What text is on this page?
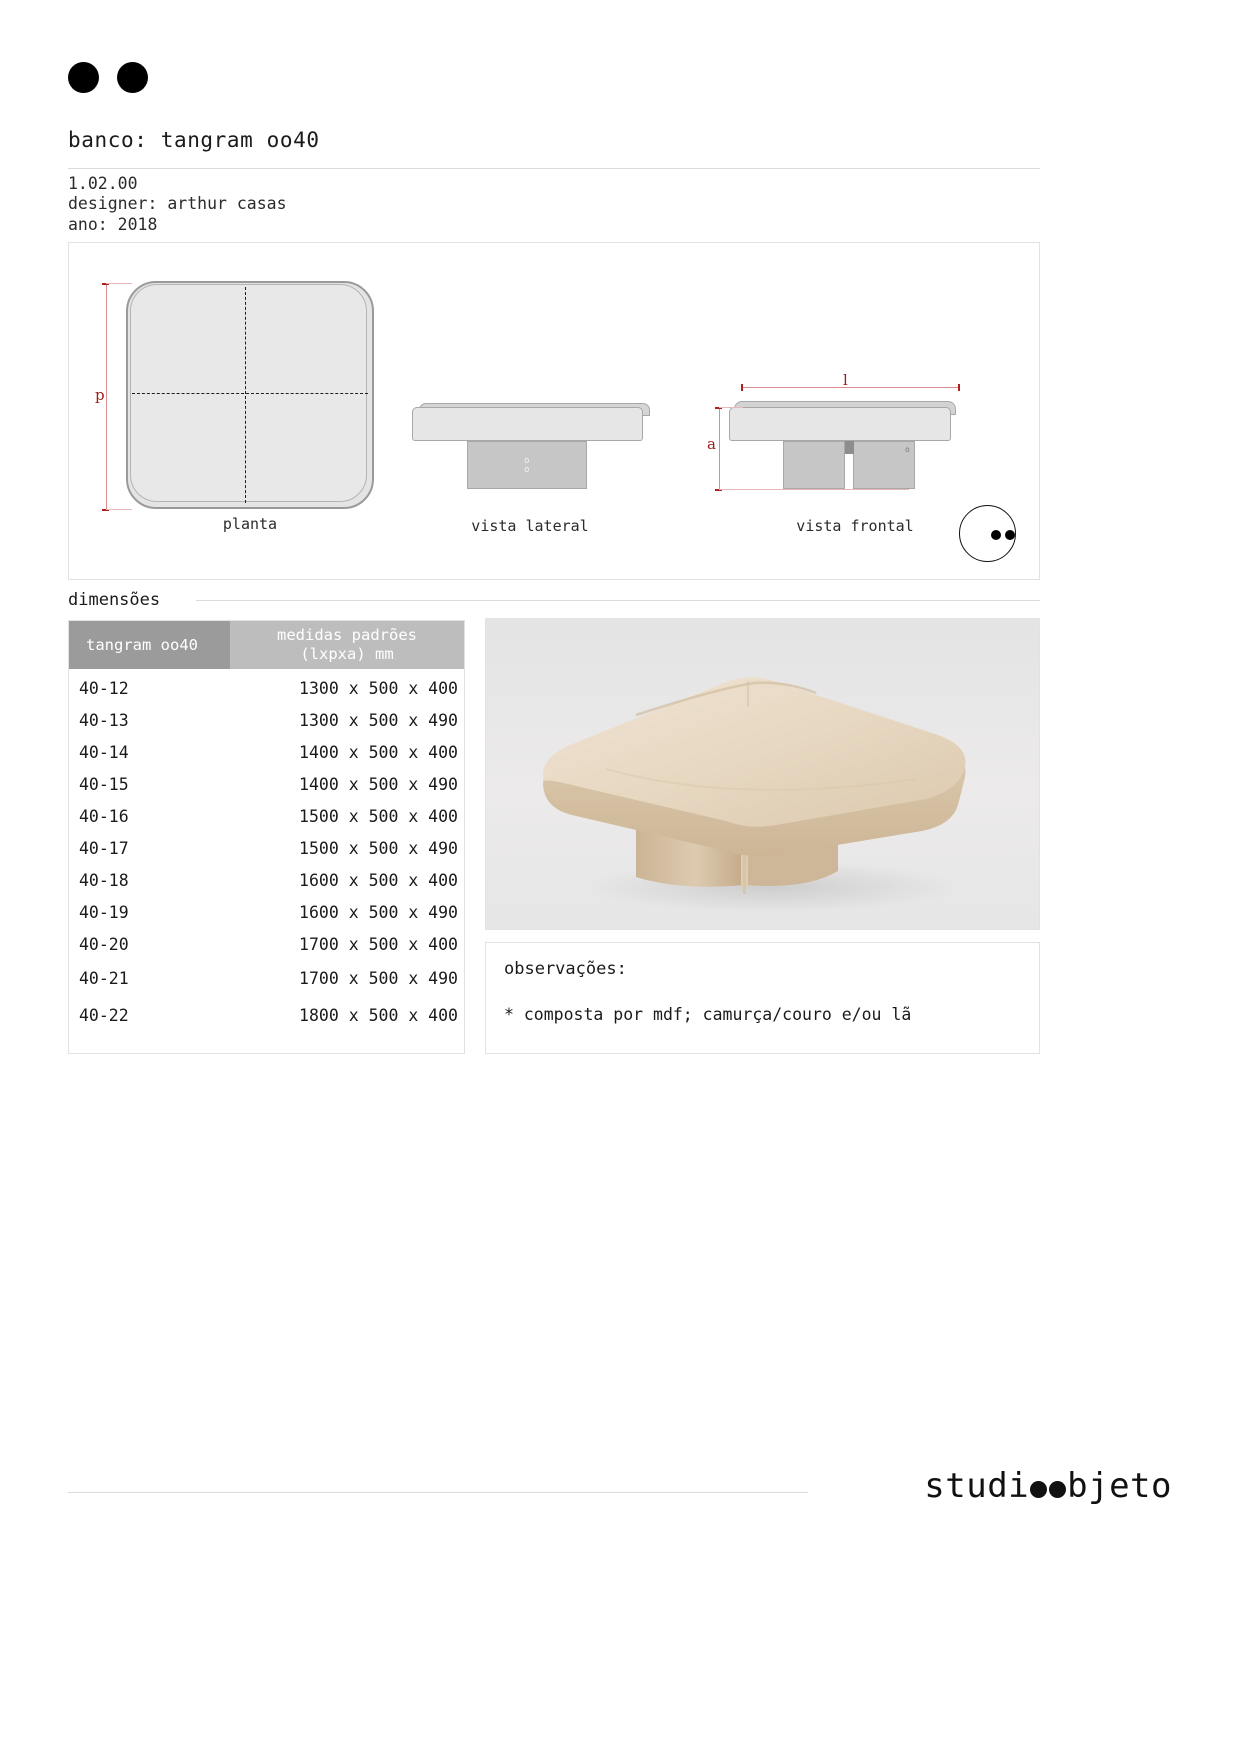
banco: tangram oo40
1.02.00
designer: arthur casas
ano: 2018
p
planta
o
o
vista lateral
o
l
a
vista frontal
dimensões
tangram oo40
medidas padrões
(lxpxa) mm
40-12	1300 x 500 x 400
40-13	1300 x 500 x 490
40-14	1400 x 500 x 400
40-15	1400 x 500 x 490
40-16	1500 x 500 x 400
40-17	1500 x 500 x 490
40-18	1600 x 500 x 400
40-19	1600 x 500 x 490
40-20	1700 x 500 x 400
40-21	1700 x 500 x 490
40-22	1800 x 500 x 400
observações:
* composta por mdf; camurça/couro e/ou lã
studi bjeto
